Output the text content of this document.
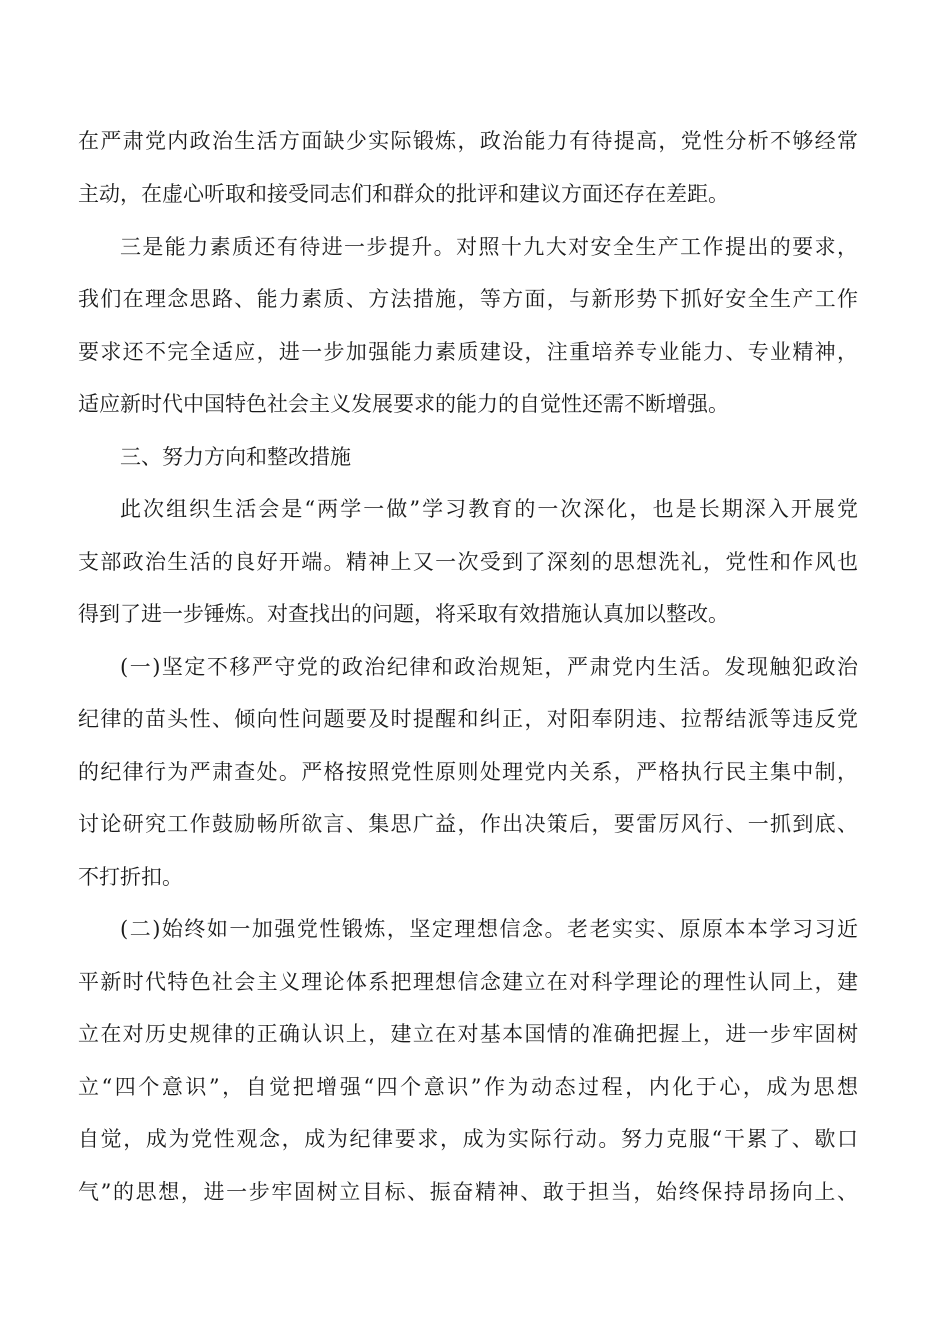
在严肃党内政治生活方面缺少实际锻炼，政治能力有待提高，党性分析不够经常
主动，在虚心听取和接受同志们和群众的批评和建议方面还存在差距。
三是能力素质还有待进一步提升。对照十九大对安全生产工作提出的要求，
我们在理念思路、能力素质、方法措施，等方面，与新形势下抓好安全生产工作
要求还不完全适应，进一步加强能力素质建设，注重培养专业能力、专业精神，
适应新时代中国特色社会主义发展要求的能力的自觉性还需不断增强。
三、努力方向和整改措施
此次组织生活会是“两学一做”学习教育的一次深化，也是长期深入开展党
支部政治生活的良好开端。精神上又一次受到了深刻的思想洗礼，党性和作风也
得到了进一步锤炼。对查找出的问题，将采取有效措施认真加以整改。
(一)坚定不移严守党的政治纪律和政治规矩，严肃党内生活。发现触犯政治
纪律的苗头性、倾向性问题要及时提醒和纠正，对阳奉阴违、拉帮结派等违反党
的纪律行为严肃查处。严格按照党性原则处理党内关系，严格执行民主集中制，
讨论研究工作鼓励畅所欲言、集思广益，作出决策后，要雷厉风行、一抓到底、
不打折扣。
(二)始终如一加强党性锻炼，坚定理想信念。老老实实、原原本本学习习近
平新时代特色社会主义理论体系把理想信念建立在对科学理论的理性认同上，建
立在对历史规律的正确认识上，建立在对基本国情的准确把握上，进一步牢固树
立“四个意识”，自觉把增强“四个意识”作为动态过程，内化于心，成为思想
自觉，成为党性观念，成为纪律要求，成为实际行动。努力克服“干累了、歇口
气”的思想，进一步牢固树立目标、振奋精神、敢于担当，始终保持昂扬向上、
